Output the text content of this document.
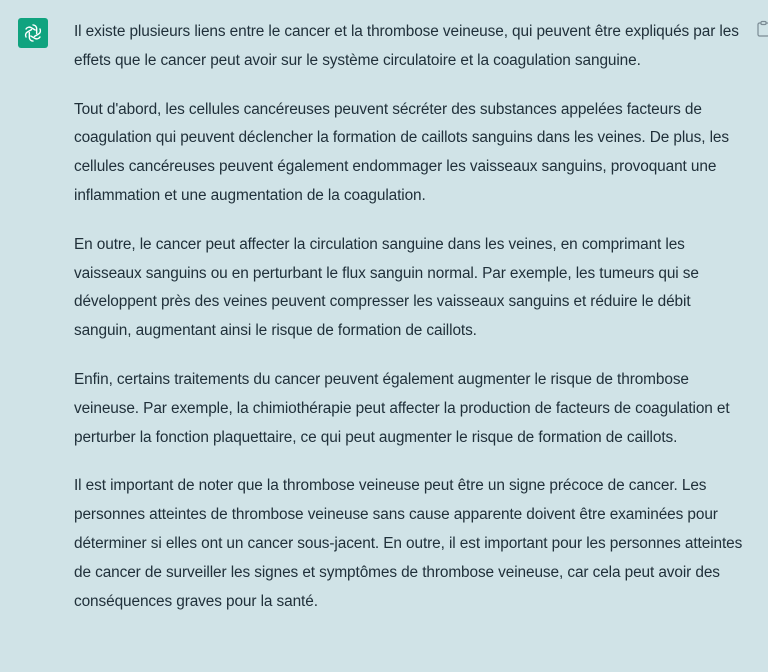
Il existe plusieurs liens entre le cancer et la thrombose veineuse, qui peuvent être expliqués par les effets que le cancer peut avoir sur le système circulatoire et la coagulation sanguine.

Tout d'abord, les cellules cancéreuses peuvent sécréter des substances appelées facteurs de coagulation qui peuvent déclencher la formation de caillots sanguins dans les veines. De plus, les cellules cancéreuses peuvent également endommager les vaisseaux sanguins, provoquant une inflammation et une augmentation de la coagulation.

En outre, le cancer peut affecter la circulation sanguine dans les veines, en comprimant les vaisseaux sanguins ou en perturbant le flux sanguin normal. Par exemple, les tumeurs qui se développent près des veines peuvent compresser les vaisseaux sanguins et réduire le débit sanguin, augmentant ainsi le risque de formation de caillots.

Enfin, certains traitements du cancer peuvent également augmenter le risque de thrombose veineuse. Par exemple, la chimiothérapie peut affecter la production de facteurs de coagulation et perturber la fonction plaquettaire, ce qui peut augmenter le risque de formation de caillots.

Il est important de noter que la thrombose veineuse peut être un signe précoce de cancer. Les personnes atteintes de thrombose veineuse sans cause apparente doivent être examinées pour déterminer si elles ont un cancer sous-jacent. En outre, il est important pour les personnes atteintes de cancer de surveiller les signes et symptômes de thrombose veineuse, car cela peut avoir des conséquences graves pour la santé.
